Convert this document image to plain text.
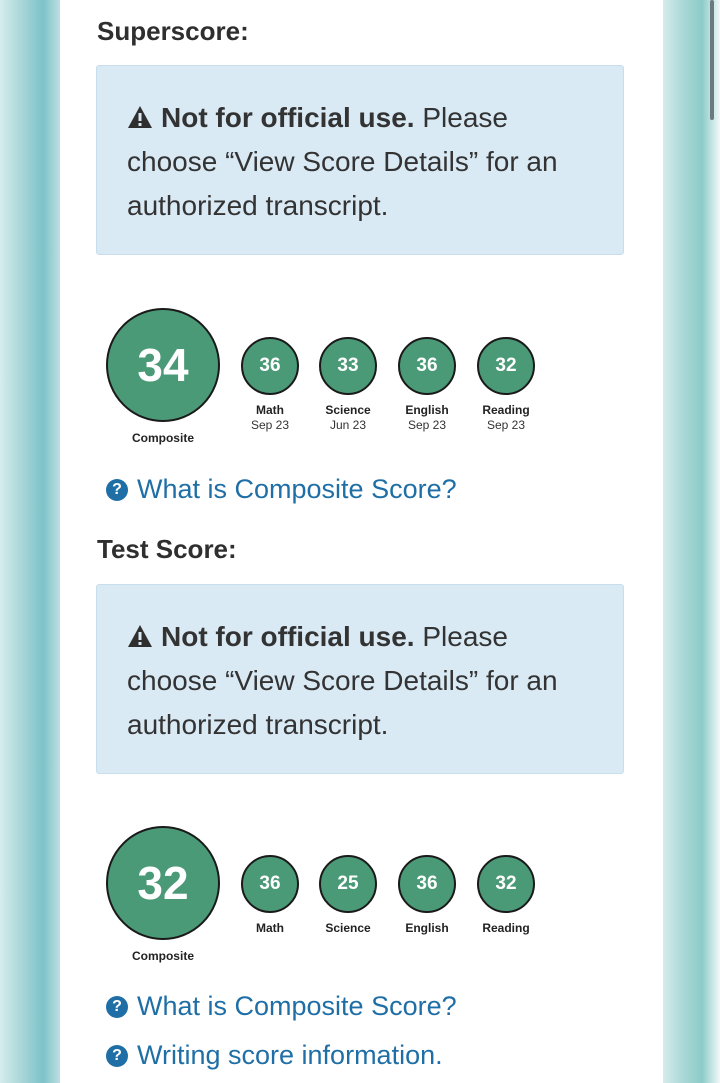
Superscore:
Not for official use. Please choose “View Score Details” for an authorized transcript.
34
Composite
36
Math
Sep 23
33
Science
Jun 23
36
English
Sep 23
32
Reading
Sep 23
? What is Composite Score?
Test Score:
Not for official use. Please choose “View Score Details” for an authorized transcript.
32
Composite
36
Math
25
Science
36
English
32
Reading
? What is Composite Score?
? Writing score information.
